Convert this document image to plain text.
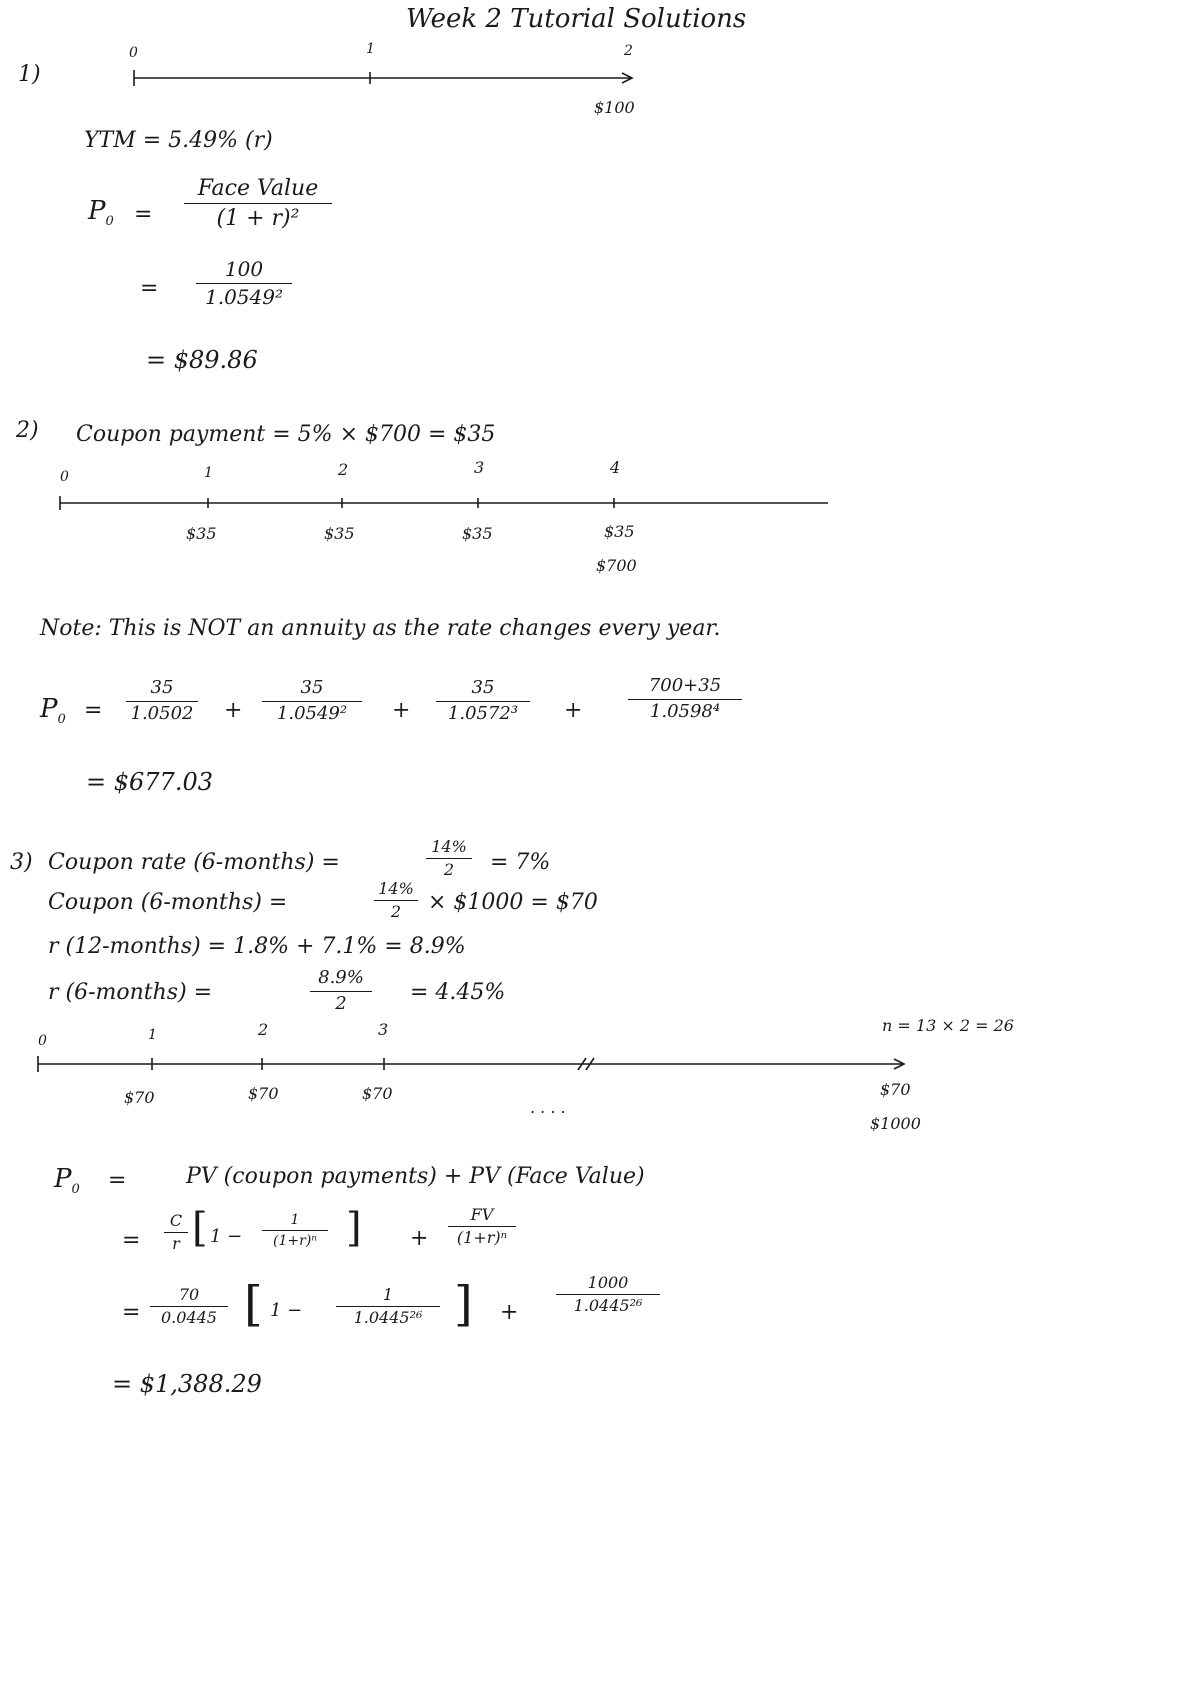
Week 2 Tutorial Solutions
1)
0	1	2
$100
YTM = 5.49% (r)
$P_0$ =
Face Value
(1 + r)²
=
100
1.0549²
= $89.86
2) Coupon payment = 5% × $700 = $35
0	1	2	3	4
$35	$35	$35	$35
$700
Note: This is NOT an annuity as the rate changes every year.
$P_0$ =
35
1.0502 +
35
1.0549²	+
35
1.0572³	+
700+35
1.0598⁴
= $677.03
3) Coupon rate (6-months) =
14%
2	= 7%
Coupon (6-months) =
14%
2	× $1000 = $70
r (12-months) = 1.8% + 7.1% = 8.9%
r (6-months) =
8.9%
2	= 4.45%
n = 13 × 2 = 26
0	1	2	3
$70	$70	$70
. . . .
$70
$1000
$P_0$ =	PV (coupon payments) + PV (Face Value)
=
C
r [ 1 −
1
(1+r)ⁿ ] +
FV
(1+r)ⁿ
=
70
0.0445 [ 1 −
1
1.0445²⁶ ] +
1000
1.0445²⁶
= $1,388.29
